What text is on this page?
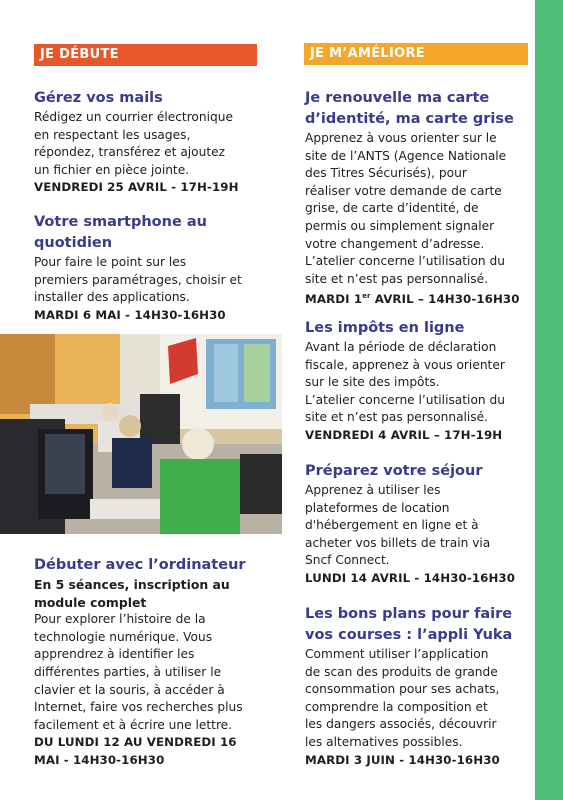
JE DÉBUTE	JE M’AMÉLIORE

Gérez vos mails

Rédigez un courrier électronique

en respectant les usages,

répondez, transférez et ajoutez

un fichier en pièce jointe.

VENDREDI 25 AVRIL - 17H-19H

Votre smartphone au

quotidien

Pour faire le point sur les

premiers paramétrages, choisir et

installer des applications.

MARDI 6 MAI - 14H30-16H30

Débuter avec l’ordinateur

En 5 séances, inscription au

module complet

Pour explorer l’histoire de la

technologie numérique. Vous

apprendrez à identifier les

différentes parties, à utiliser le

clavier et la souris, à accéder à

Internet, faire vos recherches plus

facilement et à écrire une lettre.

DU LUNDI 12 AU VENDREDI 16

MAI - 14H30-16H30

Je renouvelle ma carte

d’identité, ma carte grise

Apprenez à vous orienter sur le

site de l’ANTS (Agence Nationale

des Titres Sécurisés), pour

réaliser votre demande de carte

grise, de carte d’identité, de

permis ou simplement signaler

votre changement d’adresse.

L’atelier concerne l’utilisation du

site et n’est pas personnalisé.

MARDI 1er AVRIL – 14H30-16H30

Les impôts en ligne

Avant la période de déclaration

fiscale, apprenez à vous orienter

sur le site des impôts.

L’atelier concerne l’utilisation du

site et n’est pas personnalisé.

VENDREDI 4 AVRIL – 17H-19H

Préparez votre séjour

Apprenez à utiliser les

plateformes de location

d'hébergement en ligne et à

acheter vos billets de train via

Sncf Connect.

LUNDI 14 AVRIL - 14H30-16H30

Les bons plans pour faire

vos courses : l’appli Yuka

Comment utiliser l’application

de scan des produits de grande

consommation pour ses achats,

comprendre la composition et

les dangers associés, découvrir

les alternatives possibles.

MARDI 3 JUIN - 14H30-16H30
